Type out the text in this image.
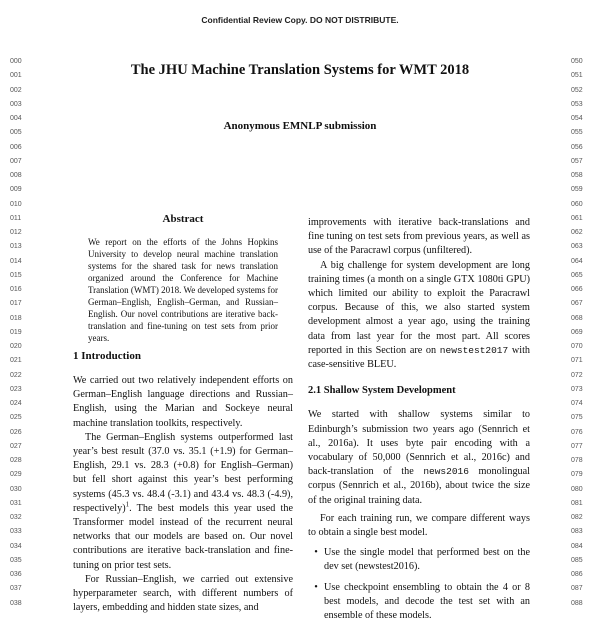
Confidential Review Copy. DO NOT DISTRIBUTE.
000
001
002
003
004
005
006
007
008
009
010
011
012
013
014
015
016
017
018
019
020
021
022
023
024
025
026
027
028
029
030
031
032
033
034
035
036
037
038
050
051
052
053
054
055
056
057
058
059
060
061
062
063
064
065
066
067
068
069
070
071
072
073
074
075
076
077
078
079
080
081
082
083
084
085
086
087
088
The JHU Machine Translation Systems for WMT 2018
Anonymous EMNLP submission
Abstract
We report on the efforts of the Johns Hopkins University to develop neural machine translation systems for the shared task for news translation organized around the Conference for Machine Translation (WMT) 2018. We developed systems for German–English, English–German, and Russian–English. Our novel contributions are iterative back-translation and fine-tuning on test sets from prior years.
1 Introduction

We carried out two relatively independent efforts on German–English language directions and Russian–English, using the Marian and Sockeye neural machine translation toolkits, respectively.

The German–English systems outperformed last year’s best result (37.0 vs. 35.1 (+1.9) for German–English, 29.1 vs. 28.3 (+0.8) for English–German) but fell short against this year’s best performing systems (45.3 vs. 48.4 (-3.1) and 43.4 vs. 48.3 (-4.9), respectively)$^1$. The best models this year used the Transformer model instead of the recurrent neural networks that our models are based on. Our novel contributions are iterative back-translation and fine-tuning on prior test sets.

For Russian–English, we carried out extensive hyperparameter search, with different numbers of layers, embedding and hidden state sizes, and

improvements with iterative back-translations and fine tuning on test sets from previous years, as well as use of the Paracrawl corpus (unfiltered).

A big challenge for system development are long training times (a month on a single GTX 1080ti GPU) which limited our ability to exploit the Paracrawl corpus. Because of this, we also started system development almost a year ago, using the training data from last year for the most part. All scores reported in this Section are on newstest2017 with case-sensitive BLEU.

2.1 Shallow System Development

We started with shallow systems similar to Edinburgh’s submission two years ago (Sennrich et al., 2016a). It uses byte pair encoding with a vocabulary of 50,000 (Sennrich et al., 2016c) and back-translation of the news2016 monolingual corpus (Sennrich et al., 2016b), about twice the size of the original training data.

For each training run, we compare different ways to obtain a single best model.

• Use the single model that performed best on the dev set (newstest2016).
• Use checkpoint ensembling to obtain the 4 or 8 best models, and decode the test set with an ensemble of these models.
